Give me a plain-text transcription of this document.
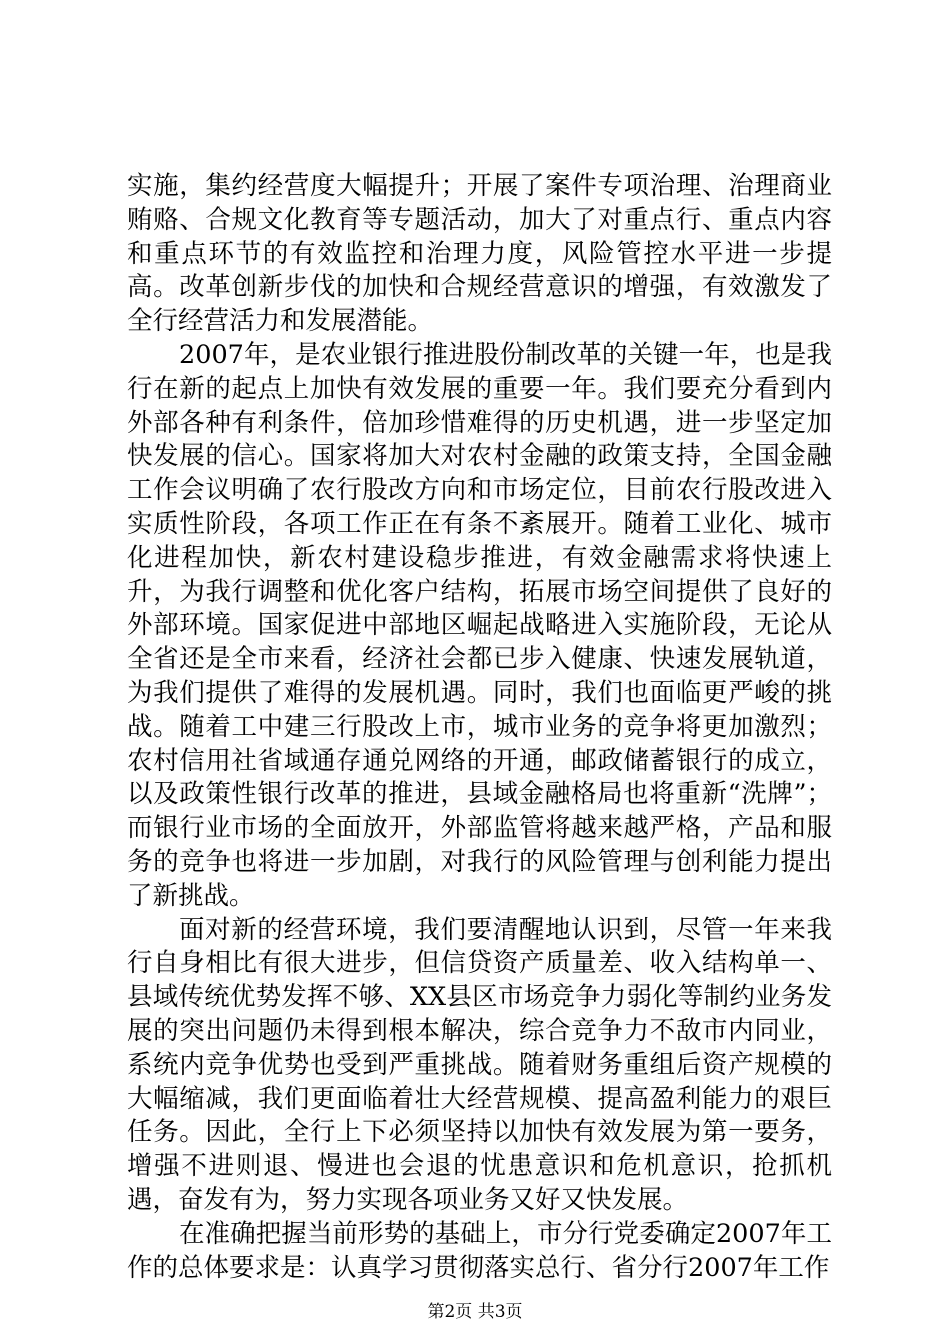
实施，集约经营度大幅提升；开展了案件专项治理、治理商业贿赂、合规文化教育等专题活动，加大了对重点行、重点内容和重点环节的有效监控和治理力度，风险管控水平进一步提高。改革创新步伐的加快和合规经营意识的增强，有效激发了全行经营活力和发展潜能。

2007年，是农业银行推进股份制改革的关键一年，也是我行在新的起点上加快有效发展的重要一年。我们要充分看到内外部各种有利条件，倍加珍惜难得的历史机遇，进一步坚定加快发展的信心。国家将加大对农村金融的政策支持，全国金融工作会议明确了农行股改方向和市场定位，目前农行股改进入实质性阶段，各项工作正在有条不紊展开。随着工业化、城市化进程加快，新农村建设稳步推进，有效金融需求将快速上升，为我行调整和优化客户结构，拓展市场空间提供了良好的外部环境。国家促进中部地区崛起战略进入实施阶段，无论从全省还是全市来看，经济社会都已步入健康、快速发展轨道，为我们提供了难得的发展机遇。同时，我们也面临更严峻的挑战。随着工中建三行股改上市，城市业务的竞争将更加激烈；农村信用社省域通存通兑网络的开通，邮政储蓄银行的成立，以及政策性银行改革的推进，县域金融格局也将重新“洗牌”；而银行业市场的全面放开，外部监管将越来越严格，产品和服务的竞争也将进一步加剧，对我行的风险管理与创利能力提出了新挑战。

面对新的经营环境，我们要清醒地认识到，尽管一年来我行自身相比有很大进步，但信贷资产质量差、收入结构单一、县域传统优势发挥不够、XX县区市场竞争力弱化等制约业务发展的突出问题仍未得到根本解决，综合竞争力不敌市内同业，系统内竞争优势也受到严重挑战。随着财务重组后资产规模的大幅缩减，我们更面临着壮大经营规模、提高盈利能力的艰巨任务。因此，全行上下必须坚持以加快有效发展为第一要务，增强不进则退、慢进也会退的忧患意识和危机意识，抢抓机遇，奋发有为，努力实现各项业务又好又快发展。

在准确把握当前形势的基础上，市分行党委确定2007年工作的总体要求是：认真学习贯彻落实总行、省分行2007年工作

第2页 共3页
